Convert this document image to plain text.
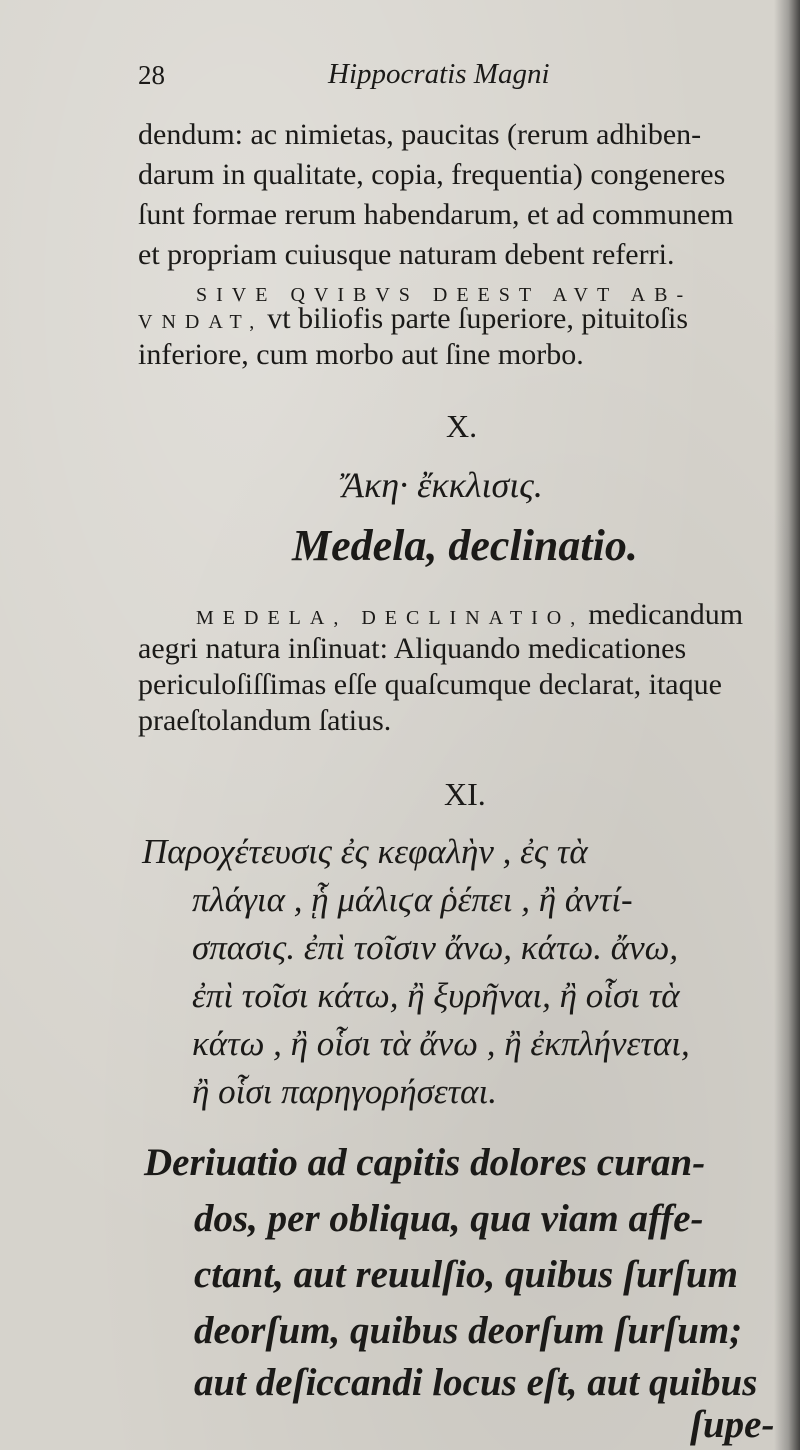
28	Hippocratis Magni
dendum: ac nimietas, paucitas (rerum adhiben-
darum in qualitate, copia, frequentia) congeneres
ſunt formae rerum habendarum, et ad communem
et propriam cuiusque naturam debent referri.
SIVE QVIBVS DEEST AVT AB-
VNDAT, vt biliofis parte ſuperiore, pituitoſis
inferiore, cum morbo aut ſine morbo.
X.
Ἄκη· ἔκκλισις.
Medela, declinatio.
MEDELA, DECLINATIO, medicandum
aegri natura inſinuat: Aliquando medicationes
periculoſiſſimas eſſe quaſcumque declarat, itaque
praeſtolandum ſatius.
XI.
Παροχέτευσις ἐς κεφαλὴν , ἐς τὰ
πλάγια , ᾗ μάλιϛα ῥέπει , ἢ ἀντί-
σπασις. ἐπὶ τοῖσιν ἄνω, κάτω. ἄνω,
ἐπὶ τοῖσι κάτω, ἢ ξυρῆναι, ἢ οἷσι τὰ
κάτω , ἢ οἷσι τὰ ἄνω , ἢ ἐκπλήνεται,
ἢ οἷσι παρηγορήσεται.
Deriuatio ad capitis dolores curan-
dos, per obliqua, qua viam affe-
ctant, aut reuulſio, quibus ſurſum
deorſum, quibus deorſum ſurſum;
aut deſiccandi locus eſt, aut quibus
ſupe-
